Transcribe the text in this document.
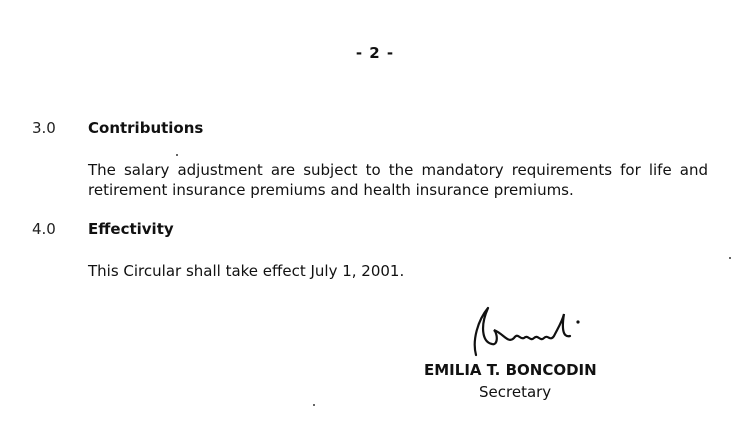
- 2 -
3.0 Contributions
The salary adjustment are subject to the mandatory requirements for life and retirement insurance premiums and health insurance premiums.
4.0 Effectivity
This Circular shall take effect July 1, 2001.
EMILIA T. BONCODIN
Secretary
